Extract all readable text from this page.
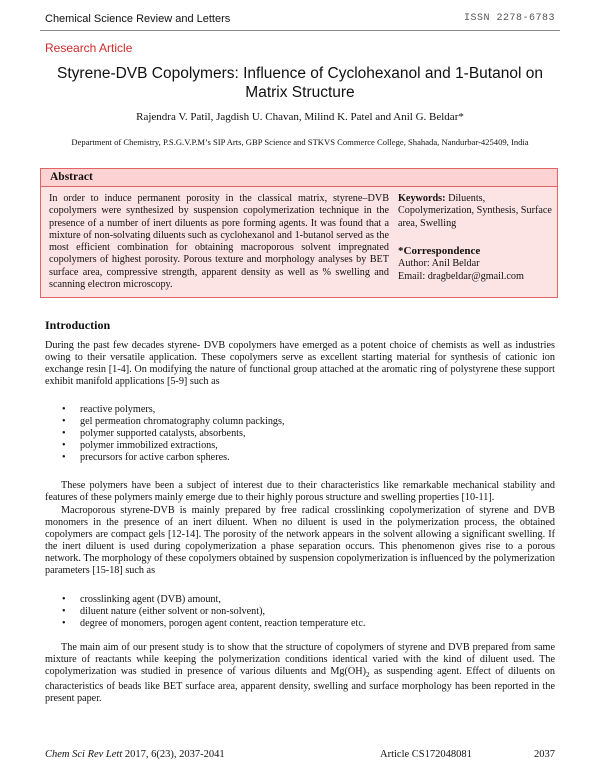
Chemical Science Review and Letters	ISSN 2278-6783
Research Article
Styrene-DVB Copolymers: Influence of Cyclohexanol and 1-Butanol on Matrix Structure
Rajendra V. Patil, Jagdish U. Chavan, Milind K. Patel and Anil G. Beldar*
Department of Chemistry, P.S.G.V.P.M’s SIP Arts, GBP Science and STKVS Commerce College, Shahada, Nandurbar-425409, India
Abstract
In order to induce permanent porosity in the classical matrix, styrene–DVB copolymers were synthesized by suspension copolymerization technique in the presence of a number of inert diluents as pore forming agents. It was found that a mixture of non-solvating diluents such as cyclohexanol and 1-butanol served as the most efficient combination for obtaining macroporous solvent impregnated copolymers of highest porosity. Porous texture and morphology analyses by BET surface area, compressive strength, apparent density as well as % swelling and scanning electron microscopy.
Keywords: Diluents, Copolymerization, Synthesis, Surface area, Swelling
*Correspondence
Author: Anil Beldar
Email: dragbeldar@gmail.com
Introduction
During the past few decades styrene- DVB copolymers have emerged as a potent choice of chemists as well as industries owing to their versatile application. These copolymers serve as excellent starting material for synthesis of cationic ion exchange resin [1-4]. On modifying the nature of functional group attached at the aromatic ring of polystyrene these support exhibit manifold applications [5-9] such as
• reactive polymers,
• gel permeation chromatography column packings,
• polymer supported catalysts, absorbents,
• polymer immobilized extractions,
• precursors for active carbon spheres.
These polymers have been a subject of interest due to their characteristics like remarkable mechanical stability and features of these polymers mainly emerge due to their highly porous structure and swelling properties [10-11].
Macroporous styrene-DVB is mainly prepared by free radical crosslinking copolymerization of styrene and DVB monomers in the presence of an inert diluent. When no diluent is used in the polymerization process, the obtained copolymers are compact gels [12-14]. The porosity of the network appears in the solvent allowing a significant swelling. If the inert diluent is used during copolymerization a phase separation occurs. This phenomenon gives rise to a porous network. The morphology of these copolymers obtained by suspension copolymerization is influenced by the polymerization parameters [15-18] such as
• crosslinking agent (DVB) amount,
• diluent nature (either solvent or non-solvent),
• degree of monomers, porogen agent content, reaction temperature etc.
The main aim of our present study is to show that the structure of copolymers of styrene and DVB prepared from same mixture of reactants while keeping the polymerization conditions identical varied with the kind of diluent used. The copolymerization was studied in presence of various diluents and $Mg(OH)_2$ as suspending agent. Effect of diluents on characteristics of beads like BET surface area, apparent density, swelling and surface morphology has been reported in the present paper.
Chem Sci Rev Lett 2017, 6(23), 2037-2041	Article CS172048081	2037
